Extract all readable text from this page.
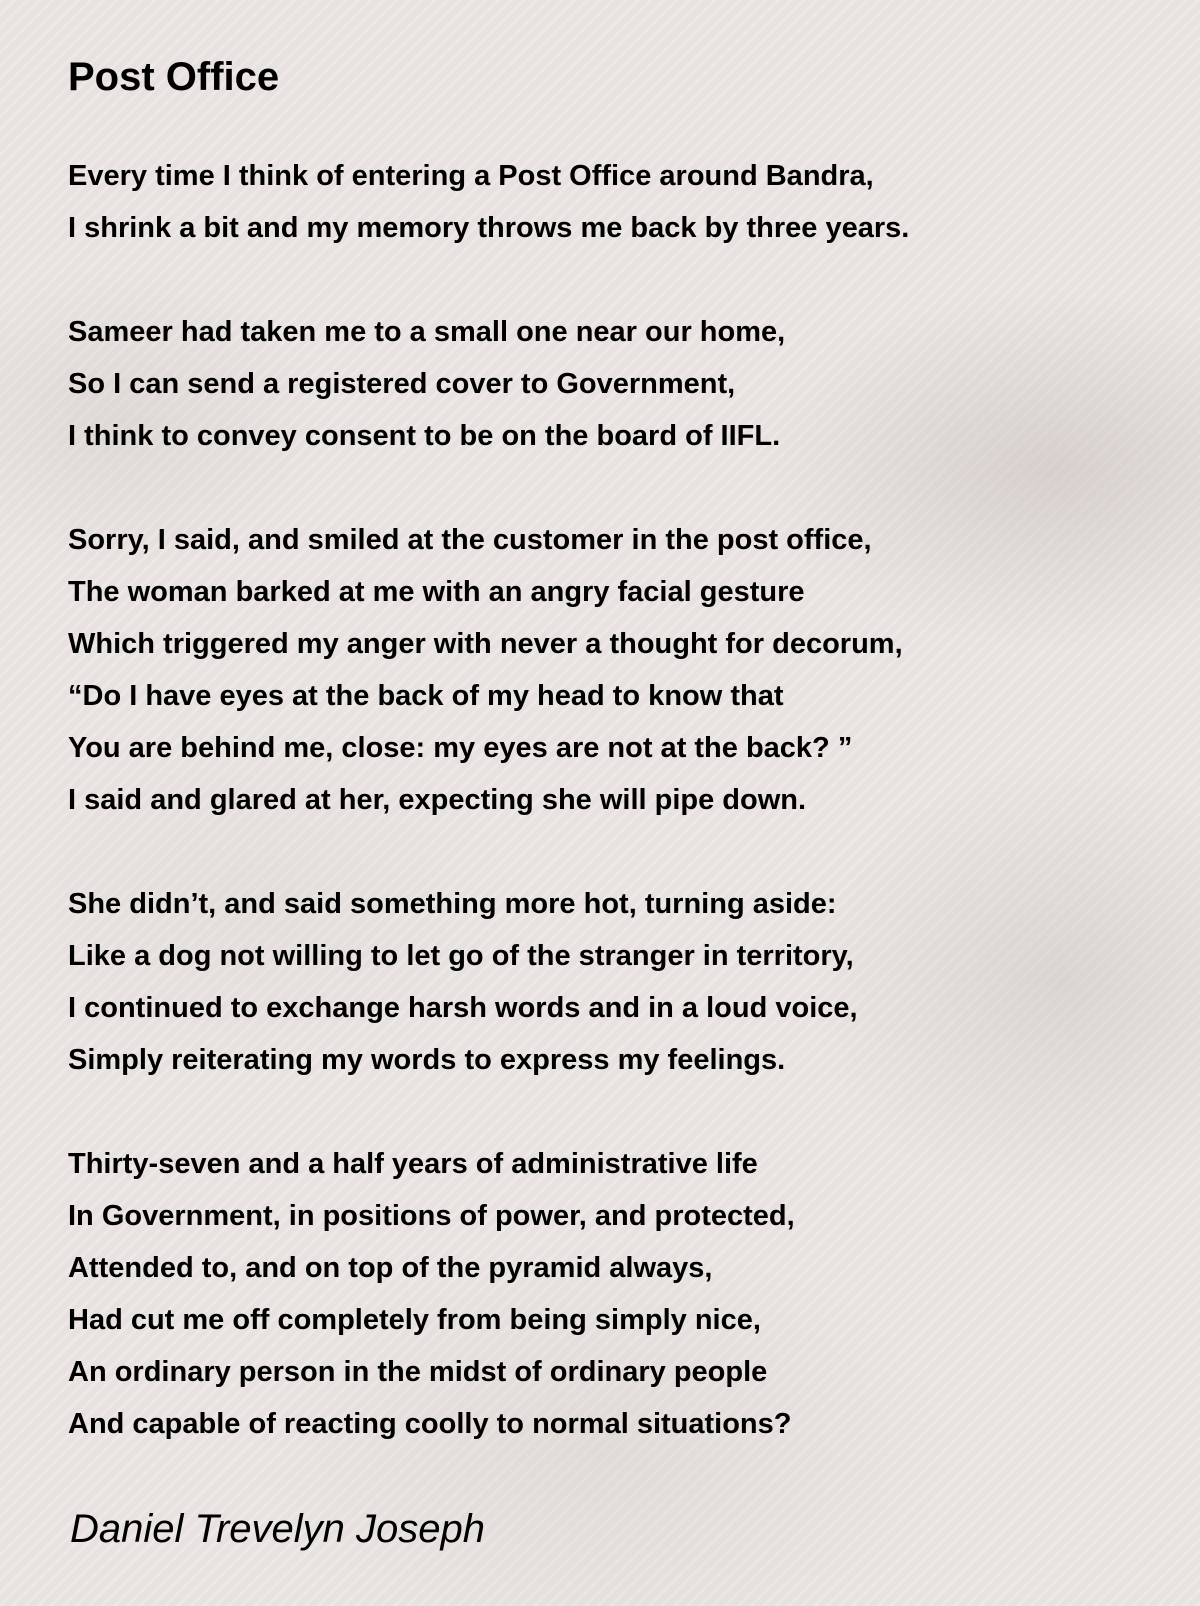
Post Office
Every time I think of entering a Post Office around Bandra,
I shrink a bit and my memory throws me back by three years.
Sameer had taken me to a small one near our home,
So I can send a registered cover to Government,
I think to convey consent to be on the board of IIFL.
Sorry, I said, and smiled at the customer in the post office,
The woman barked at me with an angry facial gesture
Which triggered my anger with never a thought for decorum,
“Do I have eyes at the back of my head to know that
You are behind me, close: my eyes are not at the back? ”
I said and glared at her, expecting she will pipe down.
She didn’t, and said something more hot, turning aside:
Like a dog not willing to let go of the stranger in territory,
I continued to exchange harsh words and in a loud voice,
Simply reiterating my words to express my feelings.
Thirty-seven and a half years of administrative life
In Government, in positions of power, and protected,
Attended to, and on top of the pyramid always,
Had cut me off completely from being simply nice,
An ordinary person in the midst of ordinary people
And capable of reacting coolly to normal situations?
Daniel Trevelyn Joseph
